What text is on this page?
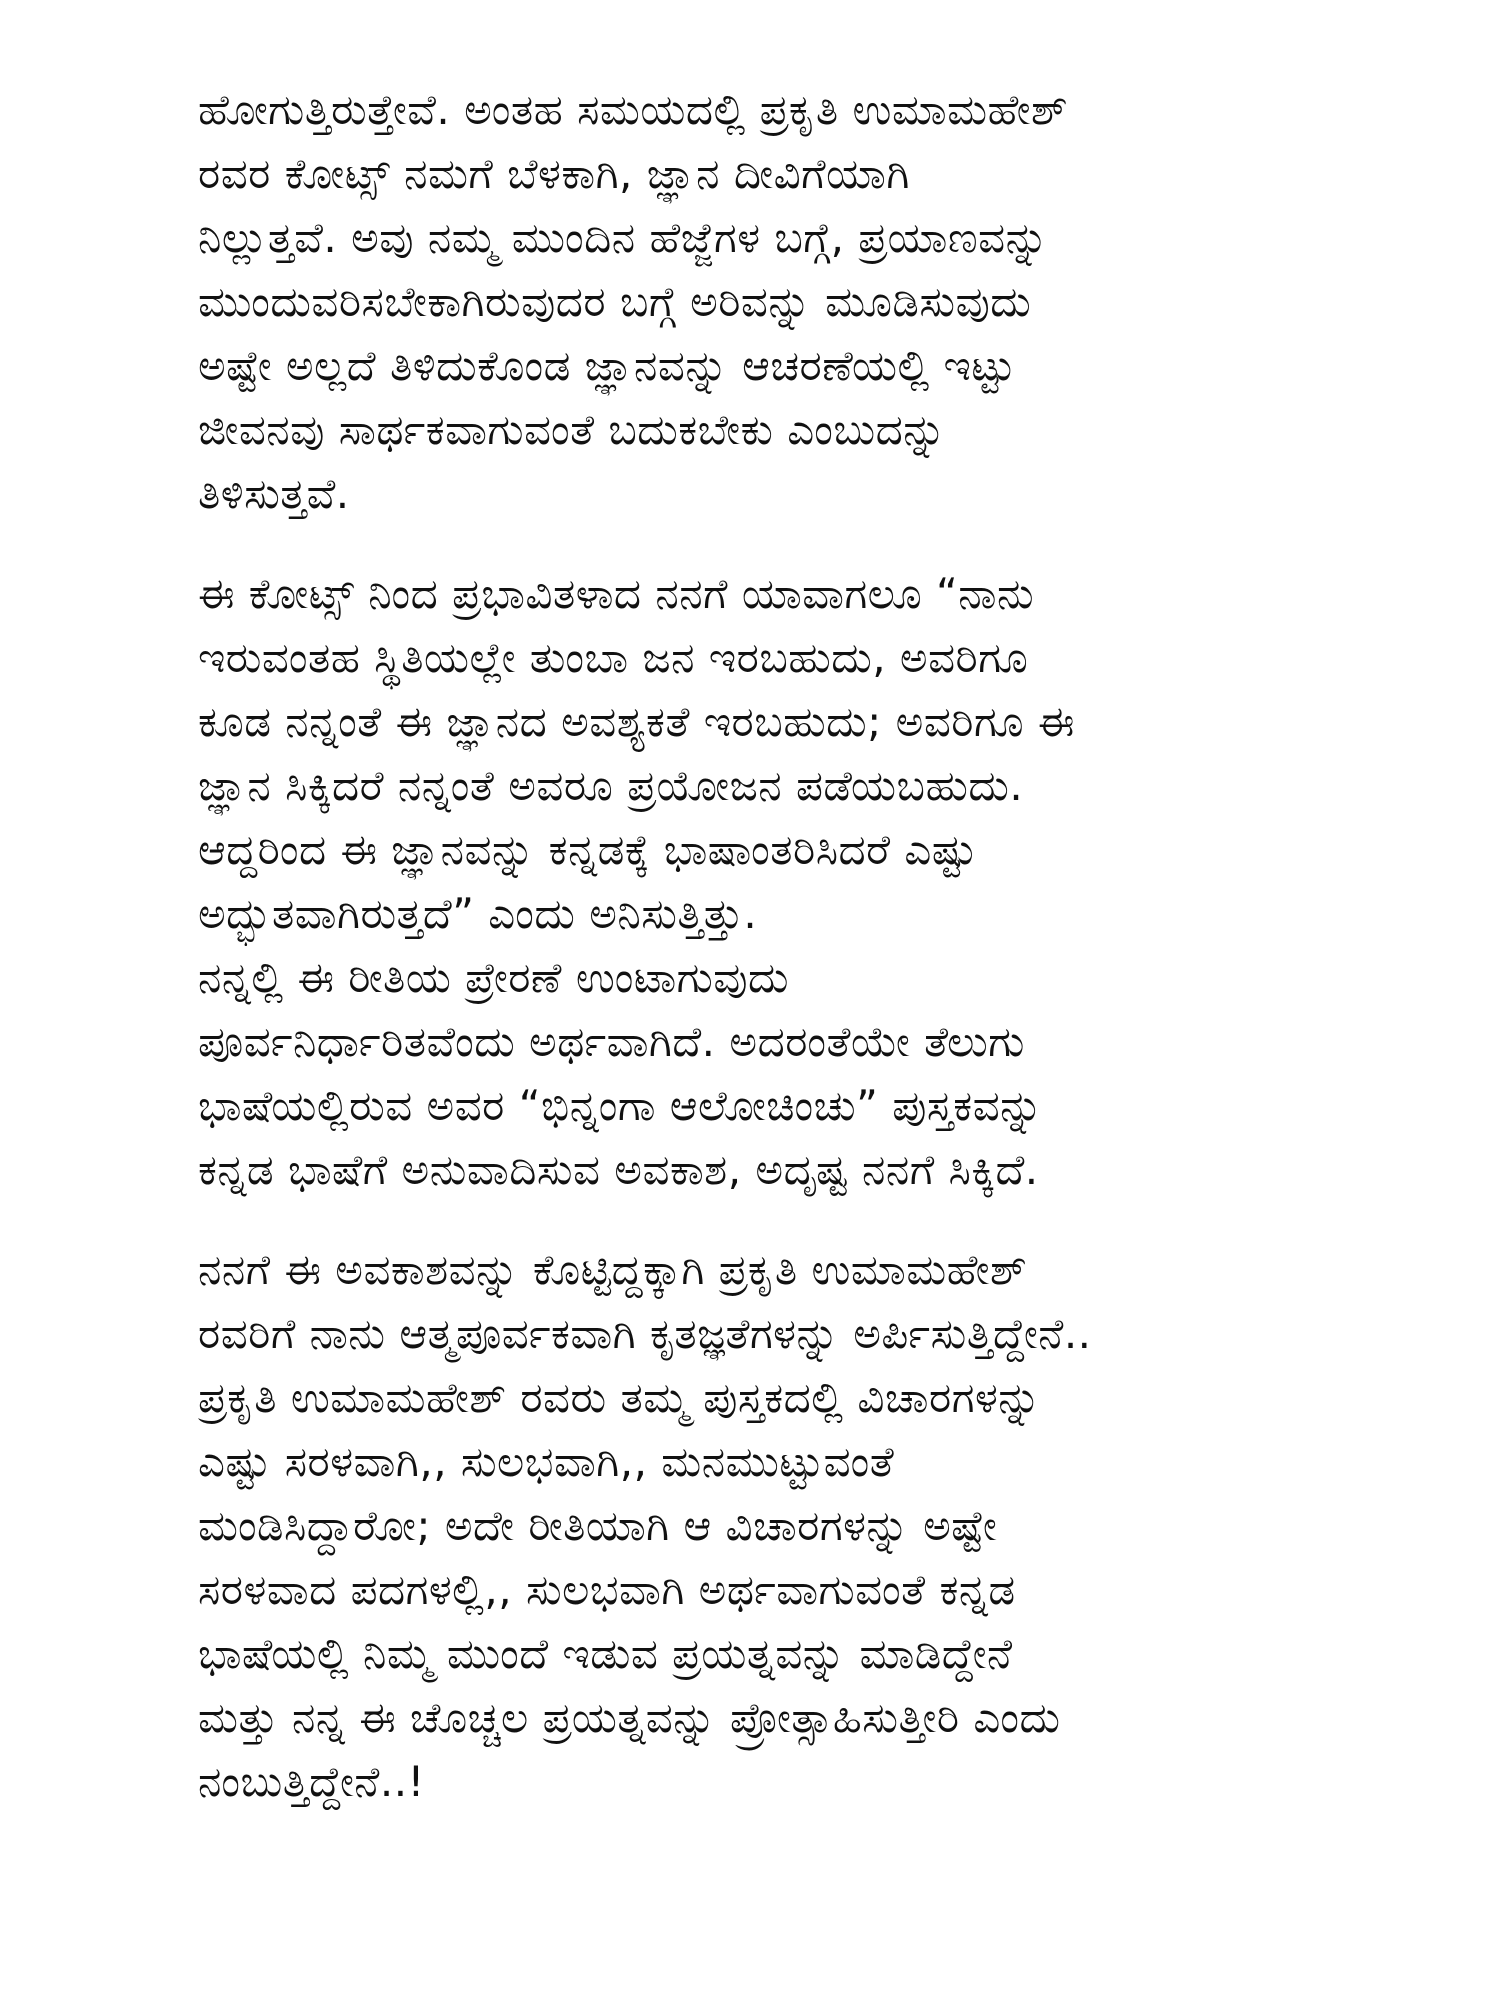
ಹೋಗುತ್ತಿರುತ್ತೇವೆ. ಅಂತಹ ಸಮಯದಲ್ಲಿ ಪ್ರಕೃತಿ ಉಮಾಮಹೇಶ್
ರವರ ಕೋಟ್ಸ್ ನಮಗೆ ಬೆಳಕಾಗಿ, ಜ್ಞಾನ ದೀವಿಗೆಯಾಗಿ
ನಿಲ್ಲುತ್ತವೆ. ಅವು ನಮ್ಮ ಮುಂದಿನ ಹೆಜ್ಜೆಗಳ ಬಗ್ಗೆ, ಪ್ರಯಾಣವನ್ನು
ಮುಂದುವರಿಸಬೇಕಾಗಿರುವುದರ ಬಗ್ಗೆ ಅರಿವನ್ನು ಮೂಡಿಸುವುದು
ಅಷ್ಟೇ ಅಲ್ಲದೆ ತಿಳಿದುಕೊಂಡ ಜ್ಞಾನವನ್ನು ಆಚರಣೆಯಲ್ಲಿ ಇಟ್ಟು
ಜೀವನವು ಸಾರ್ಥಕವಾಗುವಂತೆ ಬದುಕಬೇಕು ಎಂಬುದನ್ನು
ತಿಳಿಸುತ್ತವೆ.
ಈ ಕೋಟ್ಸ್ ನಿಂದ ಪ್ರಭಾವಿತಳಾದ ನನಗೆ ಯಾವಾಗಲೂ “ನಾನು
ಇರುವಂತಹ ಸ್ಥಿತಿಯಲ್ಲೇ ತುಂಬಾ ಜನ ಇರಬಹುದು, ಅವರಿಗೂ
ಕೂಡ ನನ್ನಂತೆ ಈ ಜ್ಞಾನದ ಅವಶ್ಯಕತೆ ಇರಬಹುದು; ಅವರಿಗೂ ಈ
ಜ್ಞಾನ ಸಿಕ್ಕಿದರೆ ನನ್ನಂತೆ ಅವರೂ ಪ್ರಯೋಜನ ಪಡೆಯಬಹುದು.
ಆದ್ದರಿಂದ ಈ ಜ್ಞಾನವನ್ನು ಕನ್ನಡಕ್ಕೆ ಭಾಷಾಂತರಿಸಿದರೆ ಎಷ್ಟು
ಅದ್ಭುತವಾಗಿರುತ್ತದೆ” ಎಂದು ಅನಿಸುತ್ತಿತ್ತು.
ನನ್ನಲ್ಲಿ ಈ ರೀತಿಯ ಪ್ರೇರಣೆ ಉಂಟಾಗುವುದು
ಪೂರ್ವನಿರ್ಧಾರಿತವೆಂದು ಅರ್ಥವಾಗಿದೆ. ಅದರಂತೆಯೇ ತೆಲುಗು
ಭಾಷೆಯಲ್ಲಿರುವ ಅವರ “ಭಿನ್ನಂಗಾ ಆಲೋಚಿಂಚು” ಪುಸ್ತಕವನ್ನು
ಕನ್ನಡ ಭಾಷೆಗೆ ಅನುವಾದಿಸುವ ಅವಕಾಶ, ಅದೃಷ್ಟ ನನಗೆ ಸಿಕ್ಕಿದೆ.
ನನಗೆ ಈ ಅವಕಾಶವನ್ನು ಕೊಟ್ಟಿದ್ದಕ್ಕಾಗಿ ಪ್ರಕೃತಿ ಉಮಾಮಹೇಶ್
ರವರಿಗೆ ನಾನು ಆತ್ಮಪೂರ್ವಕವಾಗಿ ಕೃತಜ್ಞತೆಗಳನ್ನು ಅರ್ಪಿಸುತ್ತಿದ್ದೇನೆ..
ಪ್ರಕೃತಿ ಉಮಾಮಹೇಶ್ ರವರು ತಮ್ಮ ಪುಸ್ತಕದಲ್ಲಿ ವಿಚಾರಗಳನ್ನು
ಎಷ್ಟು ಸರಳವಾಗಿ,, ಸುಲಭವಾಗಿ,, ಮನಮುಟ್ಟುವಂತೆ
ಮಂಡಿಸಿದ್ದಾರೋ; ಅದೇ ರೀತಿಯಾಗಿ ಆ ವಿಚಾರಗಳನ್ನು ಅಷ್ಟೇ
ಸರಳವಾದ ಪದಗಳಲ್ಲಿ,, ಸುಲಭವಾಗಿ ಅರ್ಥವಾಗುವಂತೆ ಕನ್ನಡ
ಭಾಷೆಯಲ್ಲಿ ನಿಮ್ಮ ಮುಂದೆ ಇಡುವ ಪ್ರಯತ್ನವನ್ನು ಮಾಡಿದ್ದೇನೆ
ಮತ್ತು ನನ್ನ ಈ ಚೊಚ್ಚಲ ಪ್ರಯತ್ನವನ್ನು ಪ್ರೋತ್ಸಾಹಿಸುತ್ತೀರಿ ಎಂದು
ನಂಬುತ್ತಿದ್ದೇನೆ..!
